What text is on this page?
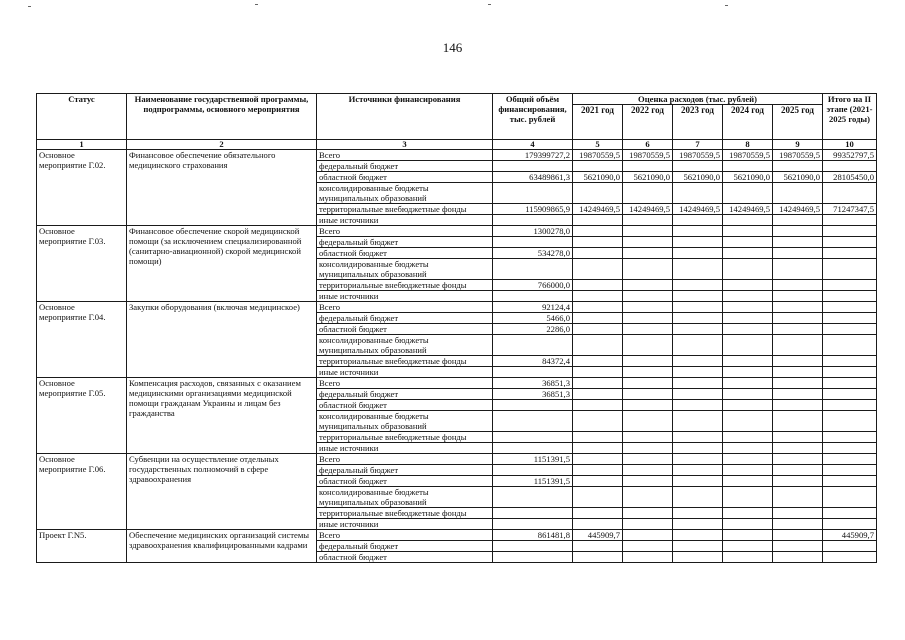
146
Статус	Наименование государственной программы, подпрограммы, основного мероприятия	Источники финансирования	Общий объём финансирования, тыс. рублей	Оценка расходов (тыс. рублей)					Итого на II этапе (2021-2025 годы)
				2021 год	2022 год	2023 год	2024 год	2025 год	
1	2	3	4	5	6	7	8	9	10
Основное мероприятие Г.02.	Финансовое обеспечение обязательного медицинского страхования	Всего	179399727,2	19870559,5	19870559,5	19870559,5	19870559,5	19870559,5	99352797,5
		федеральный бюджет							
		областной бюджет	63489861,3	5621090,0	5621090,0	5621090,0	5621090,0	5621090,0	28105450,0
		консолидированные бюджеты муниципальных образований							
		территориальные внебюджетные фонды	115909865,9	14249469,5	14249469,5	14249469,5	14249469,5	14249469,5	71247347,5
		иные источники							
Основное мероприятие Г.03.	Финансовое обеспечение скорой медицинской помощи (за исключением специализированной (санитарно-авиационной) скорой медицинской помощи)	Всего	1300278,0						
		федеральный бюджет							
		областной бюджет	534278,0						
		консолидированные бюджеты муниципальных образований							
		территориальные внебюджетные фонды	766000,0						
		иные источники							
Основное мероприятие Г.04.	Закупки оборудования (включая медицинское)	Всего	92124,4						
		федеральный бюджет	5466,0						
		областной бюджет	2286,0						
		консолидированные бюджеты муниципальных образований							
		территориальные внебюджетные фонды	84372,4						
		иные источники							
Основное мероприятие Г.05.	Компенсация расходов, связанных с оказанием медицинскими организациями медицинской помощи гражданам Украины и лицам без гражданства	Всего	36851,3						
		федеральный бюджет	36851,3						
		областной бюджет							
		консолидированные бюджеты муниципальных образований							
		территориальные внебюджетные фонды							
		иные источники							
Основное мероприятие Г.06.	Субвенции на осуществление отдельных государственных полномочий в сфере здравоохранения	Всего	1151391,5						
		федеральный бюджет							
		областной бюджет	1151391,5						
		консолидированные бюджеты муниципальных образований							
		территориальные внебюджетные фонды							
		иные источники							
Проект Г.N5.	Обеспечение медицинских организаций системы здравоохранения квалифицированными кадрами	Всего	861481,8	445909,7					445909,7
		федеральный бюджет							
		областной бюджет							
